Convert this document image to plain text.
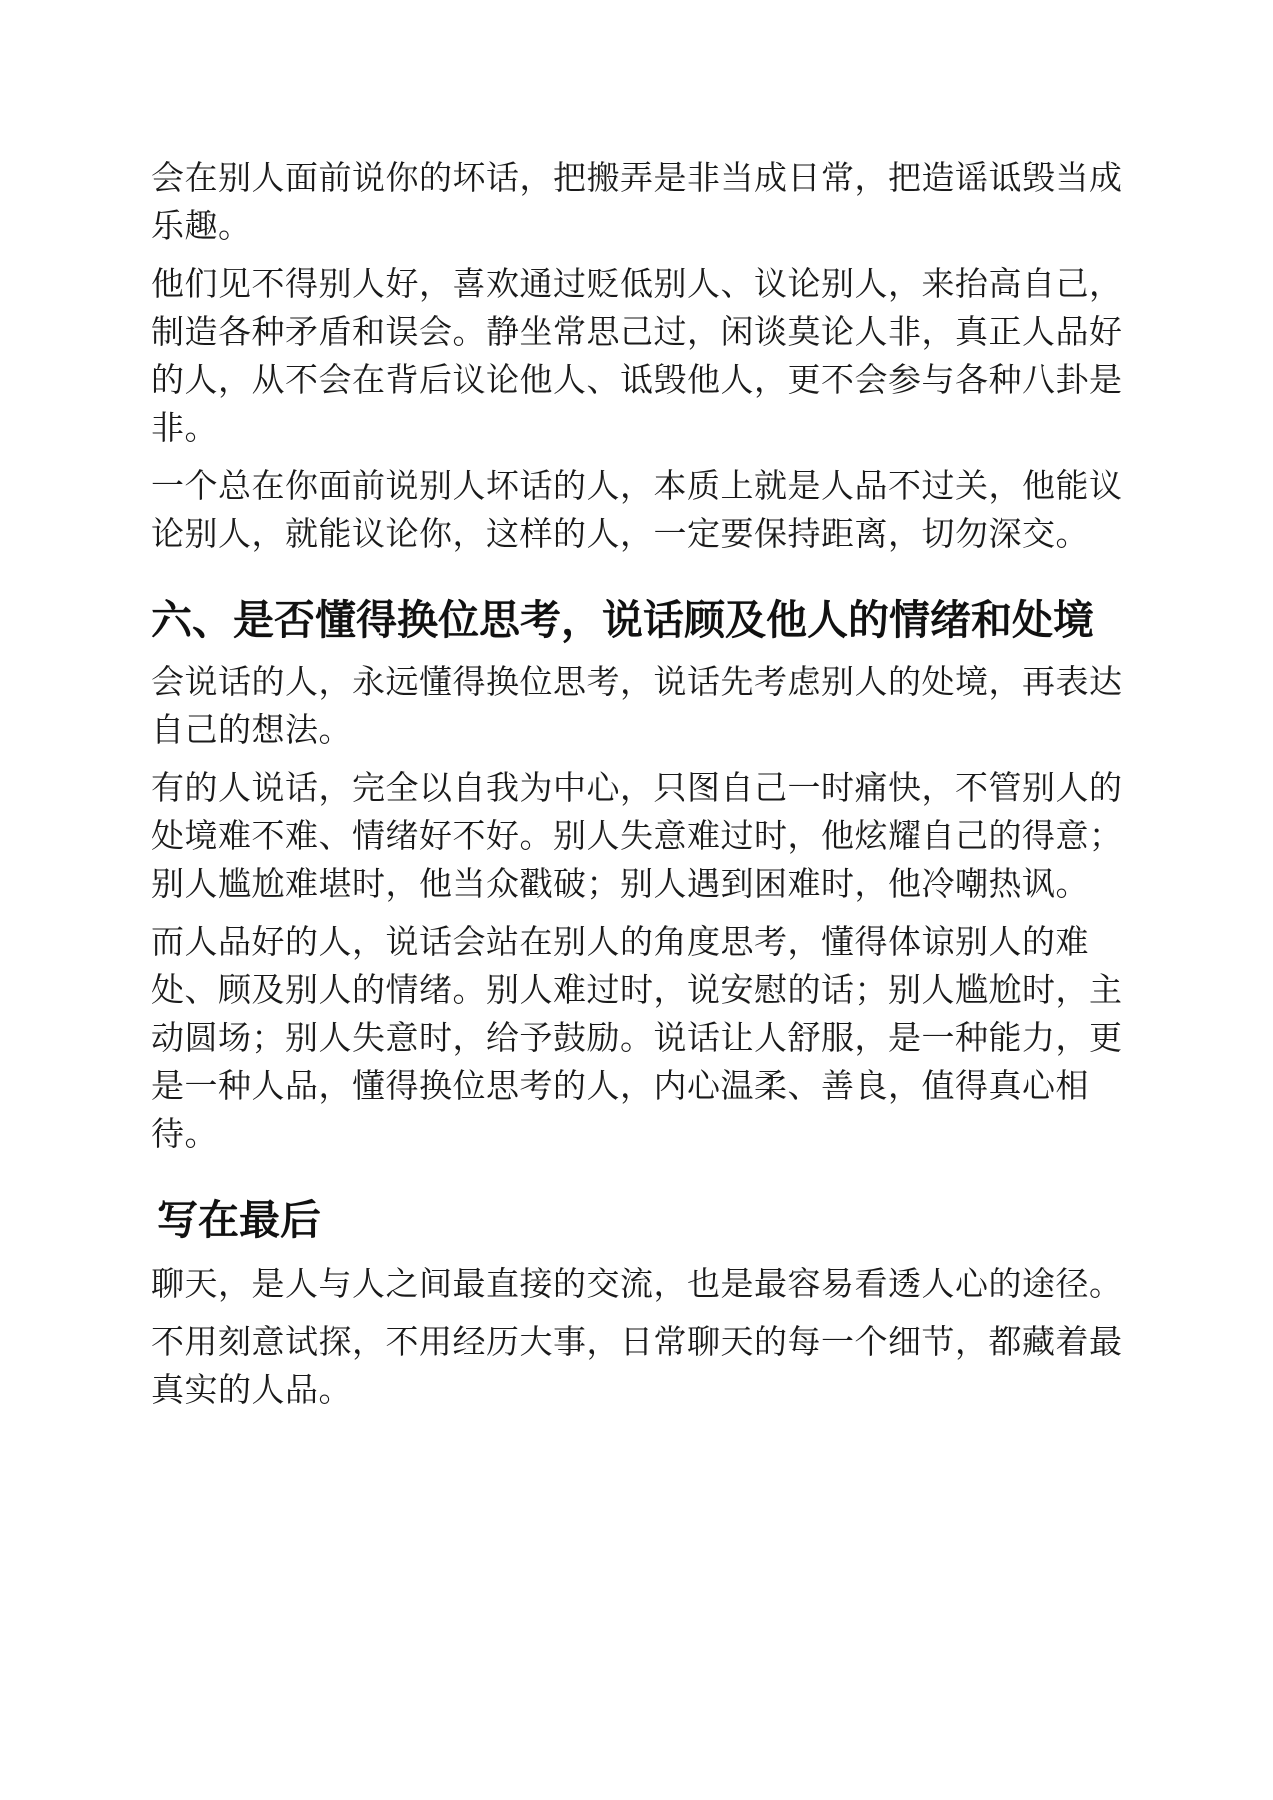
会在别人面前说你的坏话，把搬弄是非当成日常，把造谣诋毁当成乐趣。

他们见不得别人好，喜欢通过贬低别人、议论别人，来抬高自己，制造各种矛盾和误会。静坐常思己过，闲谈莫论人非，真正人品好的人，从不会在背后议论他人、诋毁他人，更不会参与各种八卦是非。

一个总在你面前说别人坏话的人，本质上就是人品不过关，他能议论别人，就能议论你，这样的人，一定要保持距离，切勿深交。

六、是否懂得换位思考，说话顾及他人的情绪和处境

会说话的人，永远懂得换位思考，说话先考虑别人的处境，再表达自己的想法。

有的人说话，完全以自我为中心，只图自己一时痛快，不管别人的处境难不难、情绪好不好。别人失意难过时，他炫耀自己的得意；别人尴尬难堪时，他当众戳破；别人遇到困难时，他冷嘲热讽。

而人品好的人，说话会站在别人的角度思考，懂得体谅别人的难处、顾及别人的情绪。别人难过时，说安慰的话；别人尴尬时，主动圆场；别人失意时，给予鼓励。说话让人舒服，是一种能力，更是一种人品，懂得换位思考的人，内心温柔、善良，值得真心相待。

写在最后

聊天，是人与人之间最直接的交流，也是最容易看透人心的途径。

不用刻意试探，不用经历大事，日常聊天的每一个细节，都藏着最真实的人品。
